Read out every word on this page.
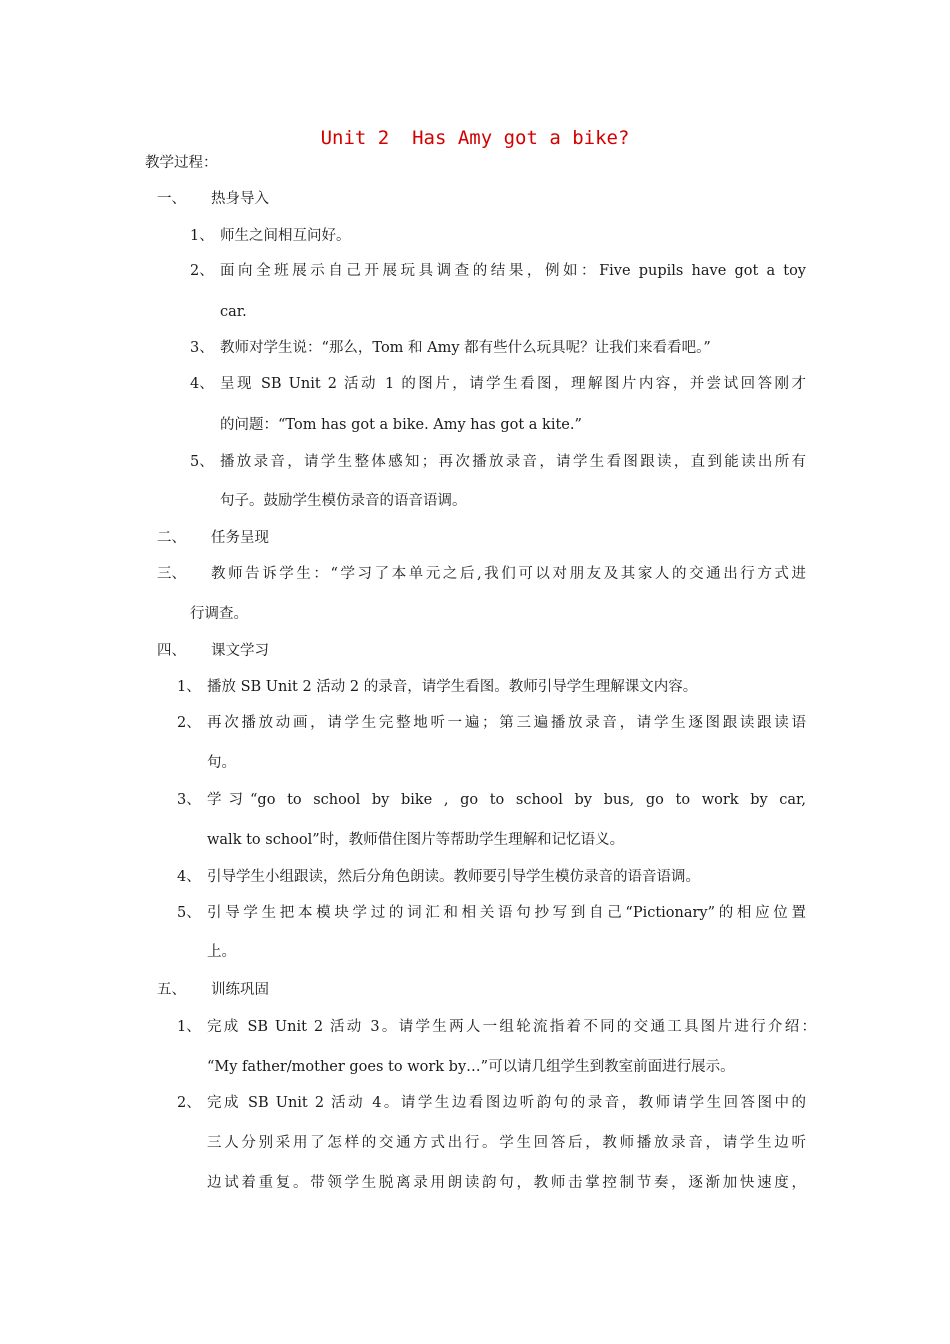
Unit 2  Has Amy got a bike?
教学过程：
一、 热身导入
1、 师生之间相互问好。
2、 面向全班展示自己开展玩具调查的结果，例如：Five pupils have got a toy
car.
3、 教师对学生说：“那么，Tom 和 Amy 都有些什么玩具呢？让我们来看看吧。”
4、 呈现 SB Unit 2 活动 1 的图片，请学生看图，理解图片内容，并尝试回答刚才
的问题：“Tom has got a bike. Amy has got a kite.”
5、 播放录音，请学生整体感知；再次播放录音，请学生看图跟读，直到能读出所有
句子。鼓励学生模仿录音的语音语调。
二、 任务呈现
三、 教师告诉学生：“学习了本单元之后,我们可以对朋友及其家人的交通出行方式进
行调查。
四、 课文学习
1、 播放 SB Unit 2 活动 2 的录音，请学生看图。教师引导学生理解课文内容。
2、 再次播放动画，请学生完整地听一遍；第三遍播放录音，请学生逐图跟读跟读语
句。
3、 学习“go to school by bike , go to school by bus, go to work by car,
walk to school”时，教师借住图片等帮助学生理解和记忆语义。
4、 引导学生小组跟读，然后分角色朗读。教师要引导学生模仿录音的语音语调。
5、 引导学生把本模块学过的词汇和相关语句抄写到自己“Pictionary”的相应位置
上。
五、 训练巩固
1、 完成 SB Unit 2 活动 3。请学生两人一组轮流指着不同的交通工具图片进行介绍：
“My father/mother goes to work by…”可以请几组学生到教室前面进行展示。
2、 完成 SB Unit 2 活动 4。请学生边看图边听韵句的录音，教师请学生回答图中的
三人分别采用了怎样的交通方式出行。学生回答后，教师播放录音，请学生边听
边试着重复。带领学生脱离录用朗读韵句，教师击掌控制节奏，逐渐加快速度，
